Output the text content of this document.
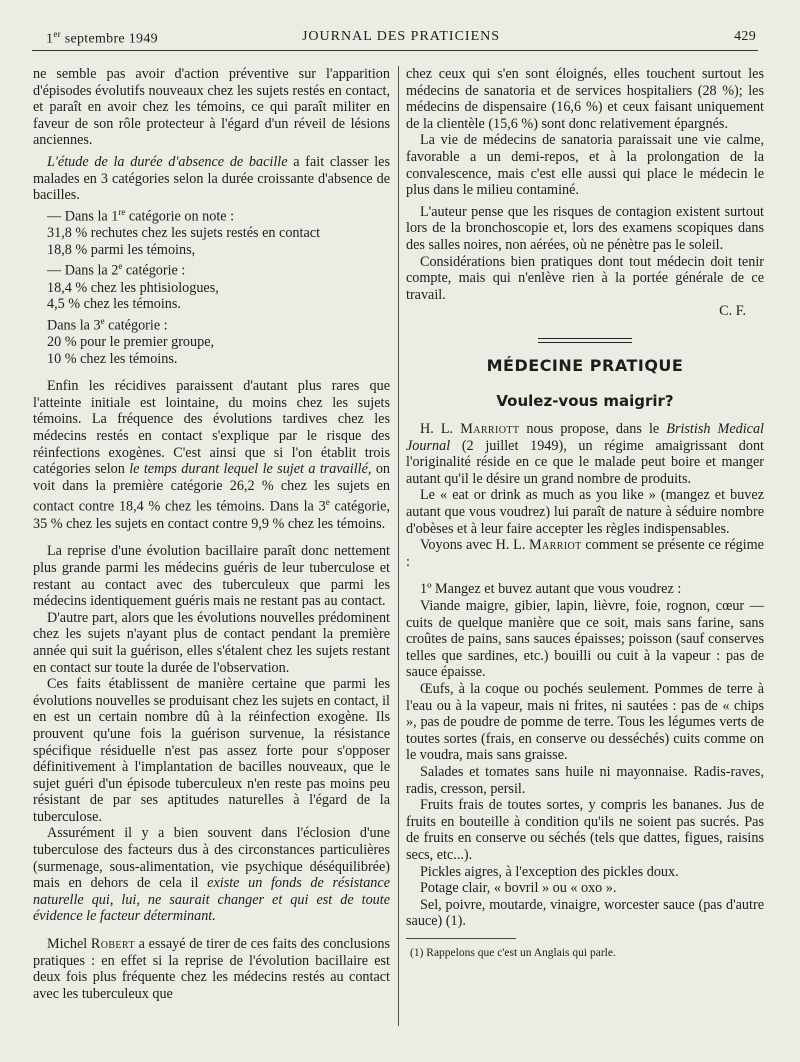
1er septembre 1949	JOURNAL DES PRATICIENS	429

ne semble pas avoir d'action préventive sur l'apparition d'épisodes évolutifs nouveaux chez les sujets restés en contact, et paraît en avoir chez les témoins, ce qui paraît militer en faveur de son rôle protecteur à l'égard d'un réveil de lésions anciennes.

L'étude de la durée d'absence de bacille a fait classer les malades en 3 catégories selon la durée croissante d'absence de bacilles.

— Dans la 1re catégorie on note :

31,8 % rechutes chez les sujets restés en contact

18,8 % parmi les témoins,

— Dans la 2e catégorie :

18,4 % chez les phtisiologues,

4,5 % chez les témoins.

Dans la 3e catégorie :

20 % pour le premier groupe,

10 % chez les témoins.

Enfin les récidives paraissent d'autant plus rares que l'atteinte initiale est lointaine, du moins chez les sujets témoins. La fréquence des évolutions tardives chez les médecins restés en contact s'explique par le risque des réinfections exogènes. C'est ainsi que si l'on établit trois catégories selon le temps durant lequel le sujet a travaillé, on voit dans la première catégorie 26,2 % chez les sujets en contact contre 18,4 % chez les témoins. Dans la 3e catégorie, 35 % chez les sujets en contact contre 9,9 % chez les témoins.

La reprise d'une évolution bacillaire paraît donc nettement plus grande parmi les médecins guéris de leur tuberculose et restant au contact avec des tuberculeux que parmi les médecins identiquement guéris mais ne restant pas au contact.

D'autre part, alors que les évolutions nouvelles prédominent chez les sujets n'ayant plus de contact pendant la première année qui suit la guérison, elles s'étalent chez les sujets restant en contact sur toute la durée de l'observation.

Ces faits établissent de manière certaine que parmi les évolutions nouvelles se produisant chez les sujets en contact, il en est un certain nombre dû à la réinfection exogène. Ils prouvent qu'une fois la guérison survenue, la résistance spécifique résiduelle n'est pas assez forte pour s'opposer définitivement à l'implantation de bacilles nouveaux, que le sujet guéri d'un épisode tuberculeux n'en reste pas moins peu résistant de par ses aptitudes naturelles à l'égard de la tuberculose.

Assurément il y a bien souvent dans l'éclosion d'une tuberculose des facteurs dus à des circonstances particulières (surmenage, sous-alimentation, vie psychique déséquilibrée) mais en dehors de cela il existe un fonds de résistance naturelle qui, lui, ne saurait changer et qui est de toute évidence le facteur déterminant.

Michel Robert a essayé de tirer de ces faits des conclusions pratiques : en effet si la reprise de l'évolution bacillaire est deux fois plus fréquente chez les médecins restés au contact avec les tuberculeux que

chez ceux qui s'en sont éloignés, elles touchent surtout les médecins de sanatoria et de services hospitaliers (28 %); les médecins de dispensaire (16,6 %) et ceux faisant uniquement de la clientèle (15,6 %) sont donc relativement épargnés.

La vie de médecins de sanatoria paraissait une vie calme, favorable a un demi-repos, et à la prolongation de la convalescence, mais c'est elle aussi qui place le médecin le plus dans le milieu contaminé.

L'auteur pense que les risques de contagion existent surtout lors de la bronchoscopie et, lors des examens scopiques dans des salles noires, non aérées, où ne pénètre pas le soleil.

Considérations bien pratiques dont tout médecin doit tenir compte, mais qui n'enlève rien à la portée générale de ce travail.

C. F.

MÉDECINE PRATIQUE
Voulez-vous maigrir?

H. L. Marriott nous propose, dans le Bristish Medical Journal (2 juillet 1949), un régime amaigrissant dont l'originalité réside en ce que le malade peut boire et manger autant qu'il le désire un grand nombre de produits.

Le « eat or drink as much as you like » (mangez et buvez autant que vous voudrez) lui paraît de nature à séduire nombre d'obèses et à leur faire accepter les règles indispensables.

Voyons avec H. L. Marriot comment se présente ce régime :

1º Mangez et buvez autant que vous voudrez :

Viande maigre, gibier, lapin, lièvre, foie, rognon, cœur — cuits de quelque manière que ce soit, mais sans farine, sans croûtes de pains, sans sauces épaisses; poisson (sauf conserves telles que sardines, etc.) bouilli ou cuit à la vapeur : pas de sauce épaisse.

Œufs, à la coque ou pochés seulement. Pommes de terre à l'eau ou à la vapeur, mais ni frites, ni sautées : pas de « chips », pas de poudre de pomme de terre. Tous les légumes verts de toutes sortes (frais, en conserve ou desséchés) cuits comme on le voudra, mais sans graisse.

Salades et tomates sans huile ni mayonnaise. Radis-raves, radis, cresson, persil.

Fruits frais de toutes sortes, y compris les bananes. Jus de fruits en bouteille à condition qu'ils ne soient pas sucrés. Pas de fruits en conserve ou séchés (tels que dattes, figues, raisins secs, etc...).

Pickles aigres, à l'exception des pickles doux.

Potage clair, « bovril » ou « oxo ».

Sel, poivre, moutarde, vinaigre, worcester sauce (pas d'autre sauce) (1).

(1) Rappelons que c'est un Anglais qui parle.
